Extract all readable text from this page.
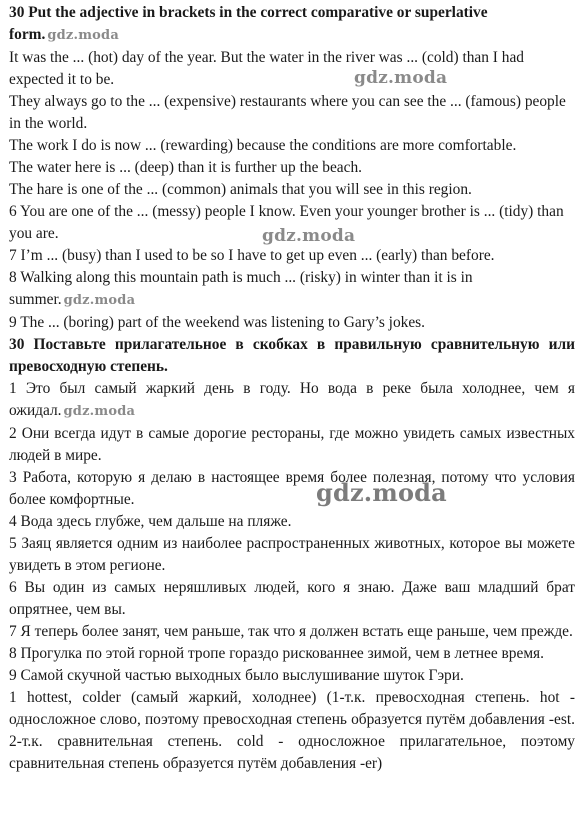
30 Put the adjective in brackets in the correct comparative or superlative form. gdz.moda

It was the ... (hot) day of the year. But the water in the river was ... (cold) than I had expected it to be.

They always go to the ... (expensive) restaurants where you can see the ... (famous) people in the world.

The work I do is now ... (rewarding) because the conditions are more comfortable.

The water here is ... (deep) than it is further up the beach.

The hare is one of the ... (common) animals that you will see in this region.

6 You are one of the ... (messy) people I know. Even your younger brother is ... (tidy) than you are.

7 I’m ... (busy) than I used to be so I have to get up even ... (early) than before.

8 Walking along this mountain path is much ... (risky) in winter than it is in summer. gdz.moda

9 The ... (boring) part of the weekend was listening to Gary’s jokes.

30 Поставьте прилагательное в скобках в правильную сравнительную или превосходную степень.

1 Это был самый жаркий день в году. Но вода в реке была холоднее, чем я ожидал. gdz.moda

2 Они всегда идут в самые дорогие рестораны, где можно увидеть самых известных людей в мире.

3 Работа, которую я делаю в настоящее время более полезная, потому что условия более комфортные.

4 Вода здесь глубже, чем дальше на пляже.

5 Заяц является одним из наиболее распространенных животных, которое вы можете увидеть в этом регионе.

6 Вы один из самых неряшливых людей, кого я знаю. Даже ваш младший брат опрятнее, чем вы.

7 Я теперь более занят, чем раньше, так что я должен встать еще раньше, чем прежде.

8 Прогулка по этой горной тропе гораздо рискованнее зимой, чем в летнее время.

9 Самой скучной частью выходных было выслушивание шуток Гэри.

1 hottest, colder (самый жаркий, холоднее) (1-т.к. превосходная степень. hot - односложное слово, поэтому превосходная степень образуется путём добавления -est. 2-т.к. сравнительная степень. cold - односложное прилагательное, поэтому сравнительная степень образуется путём добавления -er)

gdz.moda
gdz.moda
gdz.moda
